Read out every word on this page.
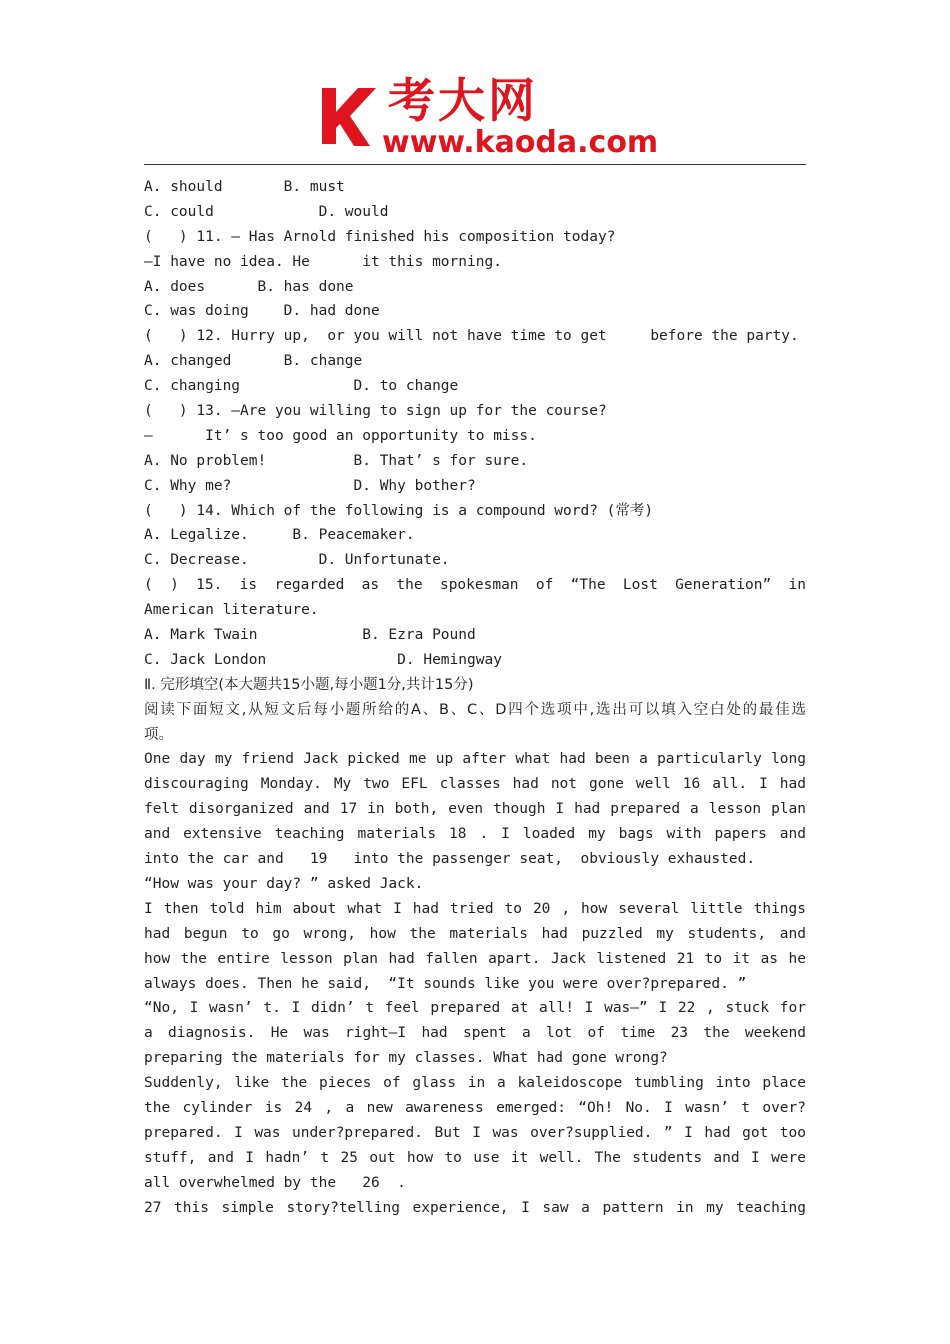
考大网
www.kaoda.com
A. should       B. must
C. could            D. would
(   ) 11. — Has Arnold finished his composition today?
—I have no idea. He      it this morning.
A. does      B. has done
C. was doing    D. had done
(   ) 12. Hurry up,  or you will not have time to get     before the party.
A. changed      B. change
C. changing             D. to change
(   ) 13. —Are you willing to sign up for the course?
—      It’ s too good an opportunity to miss.
A. No problem!          B. That’ s for sure.
C. Why me?              D. Why bother?
(   ) 14. Which of the following is a compound word? (常考)
A. Legalize.     B. Peacemaker.
C. Decrease.        D. Unfortunate.
( ) 15. is regarded as the spokesman of “The Lost Generation” in
American literature.
A. Mark Twain            B. Ezra Pound
C. Jack London               D. Hemingway
Ⅱ. 完形填空(本大题共15小题,每小题1分,共计15分)
阅读下面短文,从短文后每小题所给的A、B、C、D四个选项中,选出可以填入空白处的最佳选
项。
One day my friend Jack picked me up after what had been a particularly long
discouraging Monday. My two EFL classes had not gone well 16 all. I had
felt disorganized and 17 in both, even though I had prepared a lesson plan
and extensive teaching materials 18 . I loaded my bags with papers and
into the car and   19   into the passenger seat,  obviously exhausted.
“How was your day? ” asked Jack.
I then told him about what I had tried to 20 , how several little things
had begun to go wrong, how the materials had puzzled my students, and
how the entire lesson plan had fallen apart. Jack listened 21 to it as he
always does. Then he said,  “It sounds like you were over?prepared. ”
“No, I wasn’ t. I didn’ t feel prepared at all! I was—” I 22 , stuck for
a diagnosis. He was right—I had spent a lot of time 23 the weekend
preparing the materials for my classes. What had gone wrong?
Suddenly, like the pieces of glass in a kaleidoscope tumbling into place
the cylinder is 24 , a new awareness emerged: “Oh! No. I wasn’ t over?
prepared. I was under?prepared. But I was over?supplied. ” I had got too
stuff, and I hadn’ t 25 out how to use it well. The students and I were
all overwhelmed by the   26  .
27 this simple story?telling experience, I saw a pattern in my teaching
